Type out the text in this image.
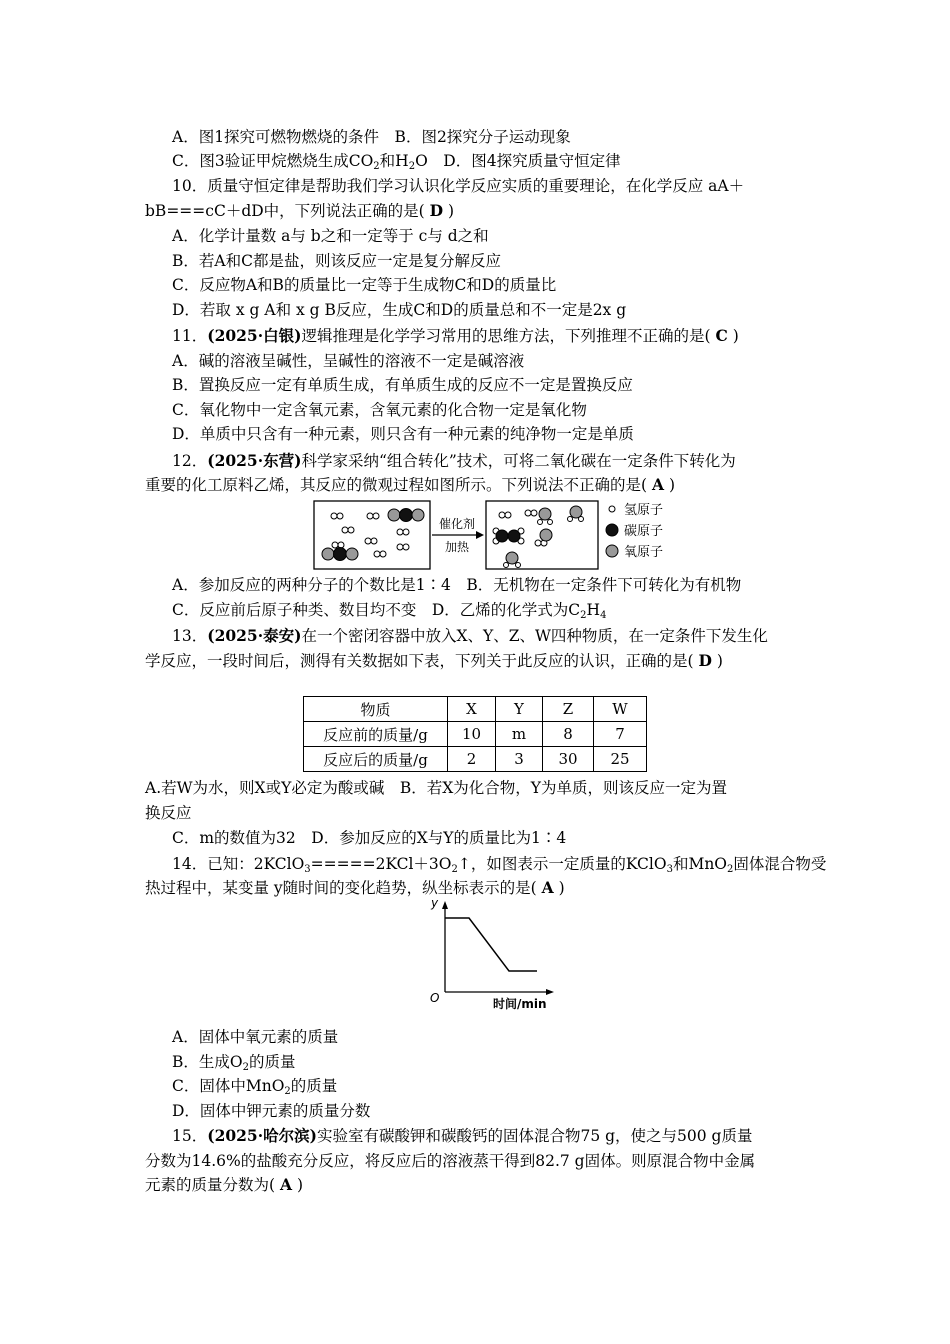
A．图1探究可燃物燃烧的条件　B．图2探究分子运动现象
C．图3验证甲烷燃烧生成$CO_2$和$H_2O$　D．图4探究质量守恒定律
10．质量守恒定律是帮助我们学习认识化学反应实质的重要理论，在化学反应 aA＋
bB===cC＋dD中，下列说法正确的是( D )
A．化学计量数 a与 b之和一定等于 c与 d之和
B．若A和C都是盐，则该反应一定是复分解反应
C．反应物A和B的质量比一定等于生成物C和D的质量比
D．若取 x g A和 x g B反应，生成C和D的质量总和不一定是2x g
11．(2025·白银)逻辑推理是化学学习常用的思维方法，下列推理不正确的是( C )
A．碱的溶液呈碱性，呈碱性的溶液不一定是碱溶液
B．置换反应一定有单质生成，有单质生成的反应不一定是置换反应
C．氧化物中一定含氧元素，含氧元素的化合物一定是氧化物
D．单质中只含有一种元素，则只含有一种元素的纯净物一定是单质
12．(2025·东营)科学家采纳“组合转化”技术，可将二氧化碳在一定条件下转化为
重要的化工原料乙烯，其反应的微观过程如图所示。下列说法不正确的是( A )
催化剂
加热
氢原子
碳原子
氧原子
A．参加反应的两种分子的个数比是1∶4　B．无机物在一定条件下可转化为有机物
C．反应前后原子种类、数目均不变　D．乙烯的化学式为$C_2H_4$
13．(2025·泰安)在一个密闭容器中放入X、Y、Z、W四种物质，在一定条件下发生化
学反应，一段时间后，测得有关数据如下表，下列关于此反应的认识，正确的是( D )
物质	X	Y	Z	W
反应前的质量/g	10	m	8	7
反应后的质量/g	2	3	30	25
A.若W为水，则X或Y必定为酸或碱　B．若X为化合物，Y为单质，则该反应一定为置
换反应
C．m的数值为32　D．参加反应的X与Y的质量比为1∶4
14．已知：$2KClO_3=====2KCl+3O_2↑$，如图表示一定质量的KClO$_3$和MnO$_2$固体混合物受
热过程中，某变量 y随时间的变化趋势，纵坐标表示的是( A )
y
O	时间/min
A．固体中氧元素的质量
B．生成$O_2$的质量
C．固体中MnO$_2$的质量
D．固体中钾元素的质量分数
15．(2025·哈尔滨)实验室有碳酸钾和碳酸钙的固体混合物75 g，使之与500 g质量
分数为14.6%的盐酸充分反应，将反应后的溶液蒸干得到82.7 g固体。则原混合物中金属
元素的质量分数为( A )
